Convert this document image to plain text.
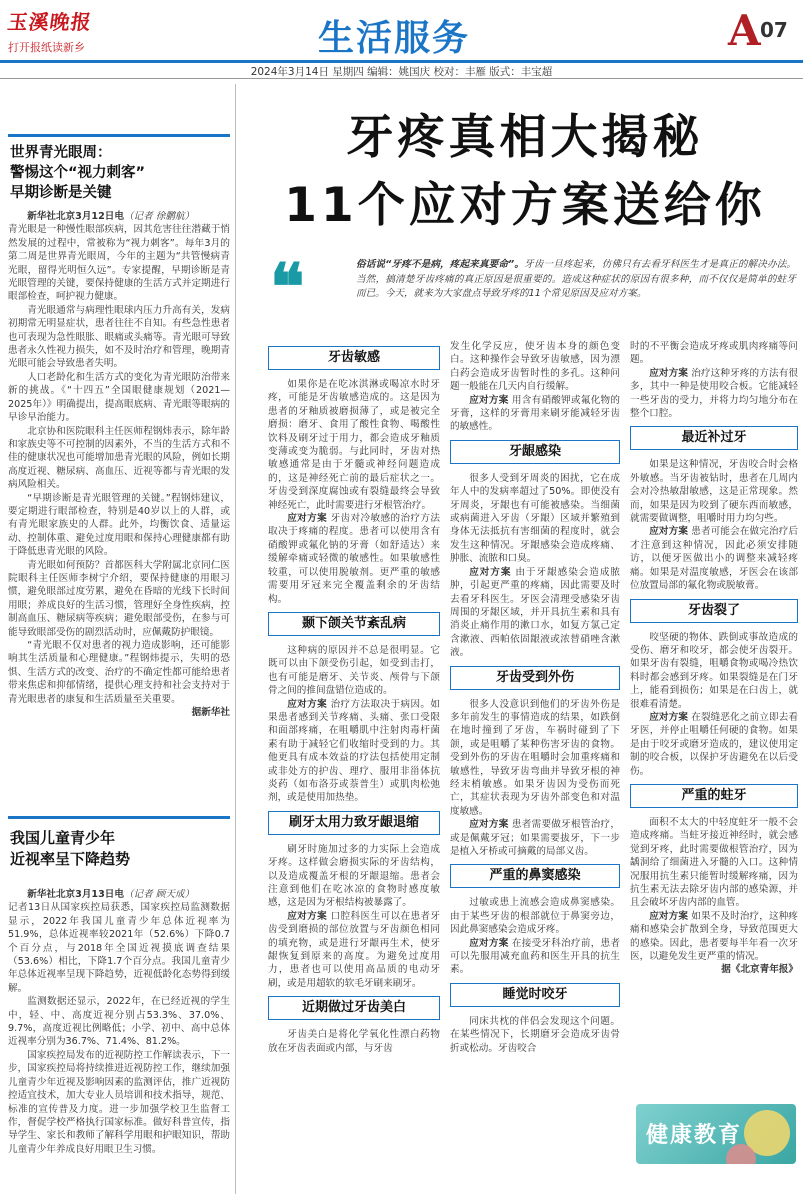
玉溪晚报
打开报纸读新乡	生活服务	A 07
2024年3月14日 星期四 编辑：姚国庆 校对：丰雁 版式：丰宝超
世界青光眼周：
警惕这个“视力刺客”
早期诊断是关键

新华社北京3月12日电（记者 徐鹏航）

青光眼是一种慢性眼部疾病，因其危害往往潜藏于悄然发展的过程中，常被称为“视力刺客”。每年3月的第二周是世界青光眼周，今年的主题为“共管慢病青光眼，留得光明恒久远”。专家提醒，早期诊断是青光眼管理的关键，要保持健康的生活方式并定期进行眼部检查，呵护视力健康。

青光眼通常与病理性眼球内压力升高有关，发病初期常无明显症状，患者往往不自知。有些急性患者也可表现为急性眼胀、眼痛或头痛等。青光眼可导致患者永久性视力损失，如不及时治疗和管理，晚期青光眼可能会导致患者失明。

人口老龄化和生活方式的变化为青光眼防治带来新的挑战。《“十四五”全国眼健康规划（2021—2025年）》明确提出，提高眼底病、青光眼等眼病的早诊早治能力。

北京协和医院眼科主任医师程钢炜表示，除年龄和家族史等不可控制的因素外，不当的生活方式和不佳的健康状况也可能增加患青光眼的风险，例如长期高度近视、糖尿病、高血压、近视等都与青光眼的发病风险相关。

“早期诊断是青光眼管理的关键。”程钢炜建议，要定期进行眼部检查，特别是40岁以上的人群，或有青光眼家族史的人群。此外，均衡饮食、适量运动、控制体重、避免过度用眼和保持心理健康都有助于降低患青光眼的风险。

青光眼如何预防？首都医科大学附属北京同仁医院眼科主任医师李树宁介绍，要保持健康的用眼习惯，避免眼部过度劳累，避免在昏暗的光线下长时间用眼；养成良好的生活习惯，管理好全身性疾病，控制高血压、糖尿病等疾病；避免眼部受伤，在参与可能导致眼部受伤的剧烈活动时，应佩戴防护眼镜。

“青光眼不仅对患者的视力造成影响，还可能影响其生活质量和心理健康。”程钢炜提示，失明的恐惧、生活方式的改变、治疗的不确定性都可能给患者带来焦虑和抑郁情绪，提供心理支持和社会支持对于青光眼患者的康复和生活质量至关重要。

据新华社

我国儿童青少年
近视率呈下降趋势

新华社北京3月13日电（记者 顾天成）

记者13日从国家疾控局获悉，国家疾控局监测数据显示，2022年我国儿童青少年总体近视率为51.9%，总体近视率较2021年（52.6%）下降0.7个百分点，与2018年全国近视摸底调查结果（53.6%）相比，下降1.7个百分点。我国儿童青少年总体近视率呈现下降趋势，近视低龄化态势得到缓解。

监测数据还显示，2022年，在已经近视的学生中，轻、中、高度近视分别占53.3%、37.0%、9.7%，高度近视比例略低；小学、初中、高中总体近视率分别为36.7%、71.4%、81.2%。

国家疾控局发布的近视防控工作解读表示，下一步，国家疾控局将持续推进近视防控工作，继续加强儿童青少年近视及影响因素的监测评估，推广近视防控适宜技术，加大专业人员培训和技术指导，规范、标准的宣传普及力度。进一步加强学校卫生监督工作，督促学校严格执行国家标准。做好科普宣传，指导学生、家长和教师了解科学用眼和护眼知识，帮助儿童青少年养成良好用眼卫生习惯。

牙疼真相大揭秘
11个应对方案送给你
❝	俗话说“牙疼不是病，疼起来真要命”。牙齿一旦疼起来，仿佛只有去看牙科医生才是真正的解决办法。当然，搞清楚牙齿疼痛的真正原因是很重要的。造成这种症状的原因有很多种，而不仅仅是简单的蛀牙而已。今天，就来为大家盘点导致牙疼的11个常见原因及应对方案。
牙齿敏感

如果你是在吃冰淇淋或喝凉水时牙疼，可能是牙齿敏感造成的。这是因为患者的牙釉质被磨损薄了，或是被完全磨损：磨牙、食用了酸性食物、喝酸性饮料及刷牙过于用力，都会造成牙釉质变薄或变为脆弱。与此同时，牙齿对热敏感通常是由于牙髓或神经问题造成的，这是神经死亡前的最后症状之一。牙齿受到深度腐蚀或有裂缝最终会导致神经死亡，此时需要进行牙根管治疗。

应对方案 牙齿对冷敏感的治疗方法取决于疼痛的程度。患者可以使用含有硝酸钾或氟化钠的牙膏（如舒适达）来缓解牵痛或轻微的敏感性。如果敏感性较重，可以使用脱敏剂。更严重的敏感需要用牙冠来完全覆盖剩余的牙齿结构。

颞下颌关节紊乱病

这种病的原因并不总是很明显。它既可以由下颌受伤引起，如受到击打，也有可能是磨牙、关节炎、颅骨与下颌骨之间的推间盘错位造成的。

应对方案 治疗方法取决于病因。如果患者感到关节疼痛、头痛、张口受限和面部疼痛，在咀嚼肌中注射肉毒杆菌素有助于减轻它们收缩时受到的力。其他更具有成本效益的疗法包括使用定制或非处方的护齿、理疗、服用非甾体抗炎药（如布洛芬或萘普生）或肌肉松弛剂，或是使用加热垫。

刷牙太用力致牙龈退缩

刷牙时施加过多的力实际上会造成牙疼。这样做会磨损实际的牙齿结构，以及造成覆盖牙根的牙龈退缩。患者会注意到他们在吃冰凉的食物时感度敏感，这是因为牙根结构被暴露了。

应对方案 口腔科医生可以在患者牙齿受到磨损的部位放置与牙齿颜色相同的填充物，或是进行牙龈再生术，使牙龈恢复到原来的高度。为避免过度用力，患者也可以使用高品质的电动牙刷，或是用超软的软毛牙刷来刷牙。

近期做过牙齿美白

牙齿美白是将化学氧化性漂白药物放在牙齿表面或内部，与牙齿

发生化学反应，使牙齿本身的颜色变白。这种操作会导致牙齿敏感，因为漂白药会造成牙齿暂时性的多孔。这种问题一般能在几天内自行缓解。

应对方案 用含有硝酸钾或氟化物的牙膏，这样的牙膏用来刷牙能减轻牙齿的敏感性。

牙龈感染

很多人受到牙周炎的困扰，它在成年人中的发病率超过了50%。即使没有牙周炎，牙龈也有可能被感染。当细菌或病菌进入牙齿（牙龈）区域并繁殖到身体无法抵抗有害细菌的程度时，就会发生这种情况。牙龈感染会造成疼痛、肿胀、流脓和口臭。

应对方案 由于牙龈感染会造成脓肿，引起更严重的疼痛，因此需要及时去看牙科医生。牙医会清理受感染牙齿周围的牙龈区域，并开具抗生素和具有消炎止痛作用的漱口水，如复方氯己定含漱液、西帕依固龈液或浓替硝唑含漱液。

牙齿受到外伤

很多人没意识到他们的牙齿外伤是多年前发生的事情造成的结果，如跌倒在地时撞到了牙齿，车祸时碰到了下颌，或是咀嚼了某种伤害牙齿的食物。受到外伤的牙齿在咀嚼时会加重疼痛和敏感性，导致牙齿弯曲并导致牙根的神经末梢敏感。如果牙齿因为受伤而死亡，其症状表现为牙齿外部变色和对温度敏感。

应对方案 患者需要做牙根管治疗，或是佩戴牙冠；如果需要拔牙，下一步是植入牙桥或可摘戴的局部义齿。

严重的鼻窦感染

过敏或患上流感会造成鼻窦感染。由于某些牙齿的根部就位于鼻窦旁边，因此鼻窦感染会造成牙疼。

应对方案 在接受牙科治疗前，患者可以先服用减充血药和医生开具的抗生素。

睡觉时咬牙

同床共枕的伴侣会发现这个问题。在某些情况下，长期磨牙会造成牙齿骨折或松动。牙齿咬合

时的不平衡会造成牙疼或肌肉疼痛等问题。

应对方案 治疗这种牙疼的方法有很多，其中一种是使用咬合板。它能减轻一些牙齿的受力，并将力均匀地分布在整个口腔。

最近补过牙

如果是这种情况，牙齿咬合时会格外敏感。当牙齿被钻时，患者在几周内会对冷热敏甜敏感，这是正常现象。然而，如果是因为咬到了硬东西而敏感，就需要做调整，咀嚼时用力均匀些。

应对方案 患者可能会在做完治疗后才注意到这种情况，因此必须安排随访，以便牙医做出小的调整来减轻疼痛。如果是对温度敏感，牙医会在该部位放置局部的氟化物或脱敏膏。

牙齿裂了

咬坚硬的物体、跌倒或事故造成的受伤、磨牙和咬牙，都会使牙齿裂开。如果牙齿有裂缝，咀嚼食物或喝冷热饮料时都会感到牙疼。如果裂缝是在门牙上，能看到损伤；如果是在臼齿上，就很难看清楚。

应对方案 在裂缝恶化之前立即去看牙医，并停止咀嚼任何硬的食物。如果是由于咬牙或磨牙造成的，建议使用定制的咬合板，以保护牙齿避免在以后受伤。

严重的蛀牙

面积不太大的中轻度蛀牙一般不会造成疼痛。当蛀牙接近神经时，就会感觉到牙疼，此时需要做根管治疗，因为龋洞给了细菌进入牙髓的入口。这种情况服用抗生素只能暂时缓解疼痛，因为抗生素无法去除牙齿内部的感染源，并且会破坏牙齿内部的血管。

应对方案 如果不及时治疗，这种疼痛和感染会扩散到全身，导致范围更大的感染。因此，患者要每半年看一次牙医，以避免发生更严重的情况。

据《北京青年报》

健康教育
